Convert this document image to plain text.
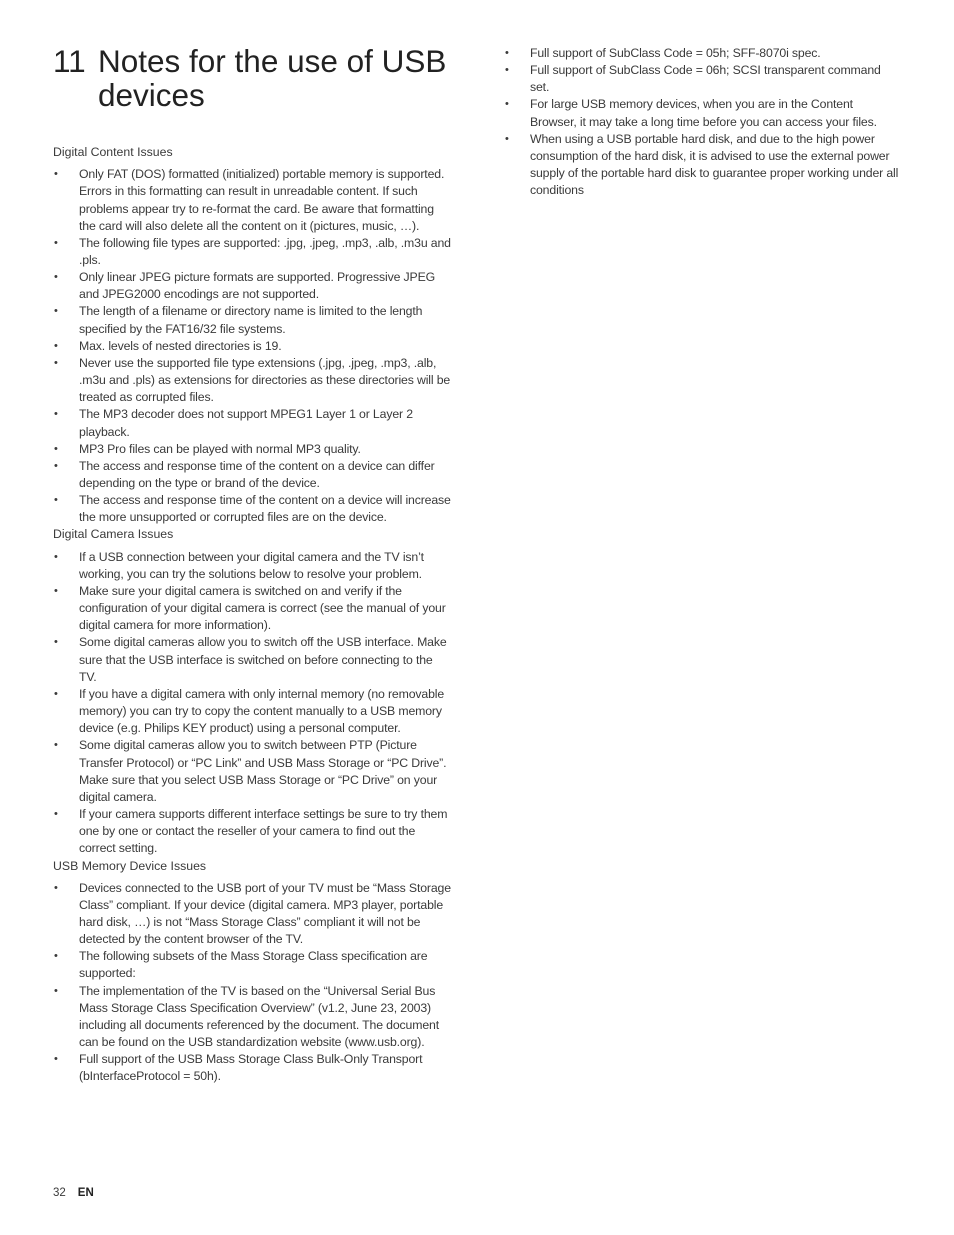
11 Notes for the use of USB
devices
Digital Content Issues
• Only FAT (DOS) formatted (initialized) portable memory is supported. Errors in this formatting can result in unreadable content. If such problems appear try to re-format the card. Be aware that formatting the card will also delete all the content on it (pictures, music, …).
• The following file types are supported: .jpg, .jpeg, .mp3, .alb, .m3u and .pls.
• Only linear JPEG picture formats are supported. Progressive JPEG and JPEG2000 encodings are not supported.
• The length of a filename or directory name is limited to the length specified by the FAT16/32 file systems.
• Max. levels of nested directories is 19.
• Never use the supported file type extensions (.jpg, .jpeg, .mp3, .alb, .m3u and .pls) as extensions for directories as these directories will be treated as corrupted files.
• The MP3 decoder does not support MPEG1 Layer 1 or Layer 2 playback.
• MP3 Pro files can be played with normal MP3 quality.
• The access and response time of the content on a device can differ depending on the type or brand of the device.
• The access and response time of the content on a device will increase the more unsupported or corrupted files are on the device.
Digital Camera Issues
• If a USB connection between your digital camera and the TV isn’t working, you can try the solutions below to resolve your problem.
• Make sure your digital camera is switched on and verify if the configuration of your digital camera is correct (see the manual of your digital camera for more information).
• Some digital cameras allow you to switch off the USB interface. Make sure that the USB interface is switched on before connecting to the TV.
• If you have a digital camera with only internal memory (no removable memory) you can try to copy the content manually to a USB memory device (e.g. Philips KEY product) using a personal computer.
• Some digital cameras allow you to switch between PTP (Picture Transfer Protocol) or “PC Link” and USB Mass Storage or “PC Drive”. Make sure that you select USB Mass Storage or “PC Drive” on your digital camera.
• If your camera supports different interface settings be sure to try them one by one or contact the reseller of your camera to find out the correct setting.
USB Memory Device Issues
• Devices connected to the USB port of your TV must be “Mass Storage Class” compliant. If your device (digital camera. MP3 player, portable hard disk, …) is not “Mass Storage Class” compliant it will not be detected by the content browser of the TV.
• The following subsets of the Mass Storage Class specification are supported:
• The implementation of the TV is based on the “Universal Serial Bus Mass Storage Class Specification Overview” (v1.2, June 23, 2003) including all documents referenced by the document. The document can be found on the USB standardization website (www.usb.org).
• Full support of the USB Mass Storage Class Bulk-Only Transport (bInterfaceProtocol = 50h).
• Full support of SubClass Code = 05h; SFF-8070i spec.
• Full support of SubClass Code = 06h; SCSI transparent command set.
• For large USB memory devices, when you are in the Content Browser, it may take a long time before you can access your files.
• When using a USB portable hard disk, and due to the high power consumption of the hard disk, it is advised to use the external power supply of the portable hard disk to guarantee proper working under all conditions
32 EN
